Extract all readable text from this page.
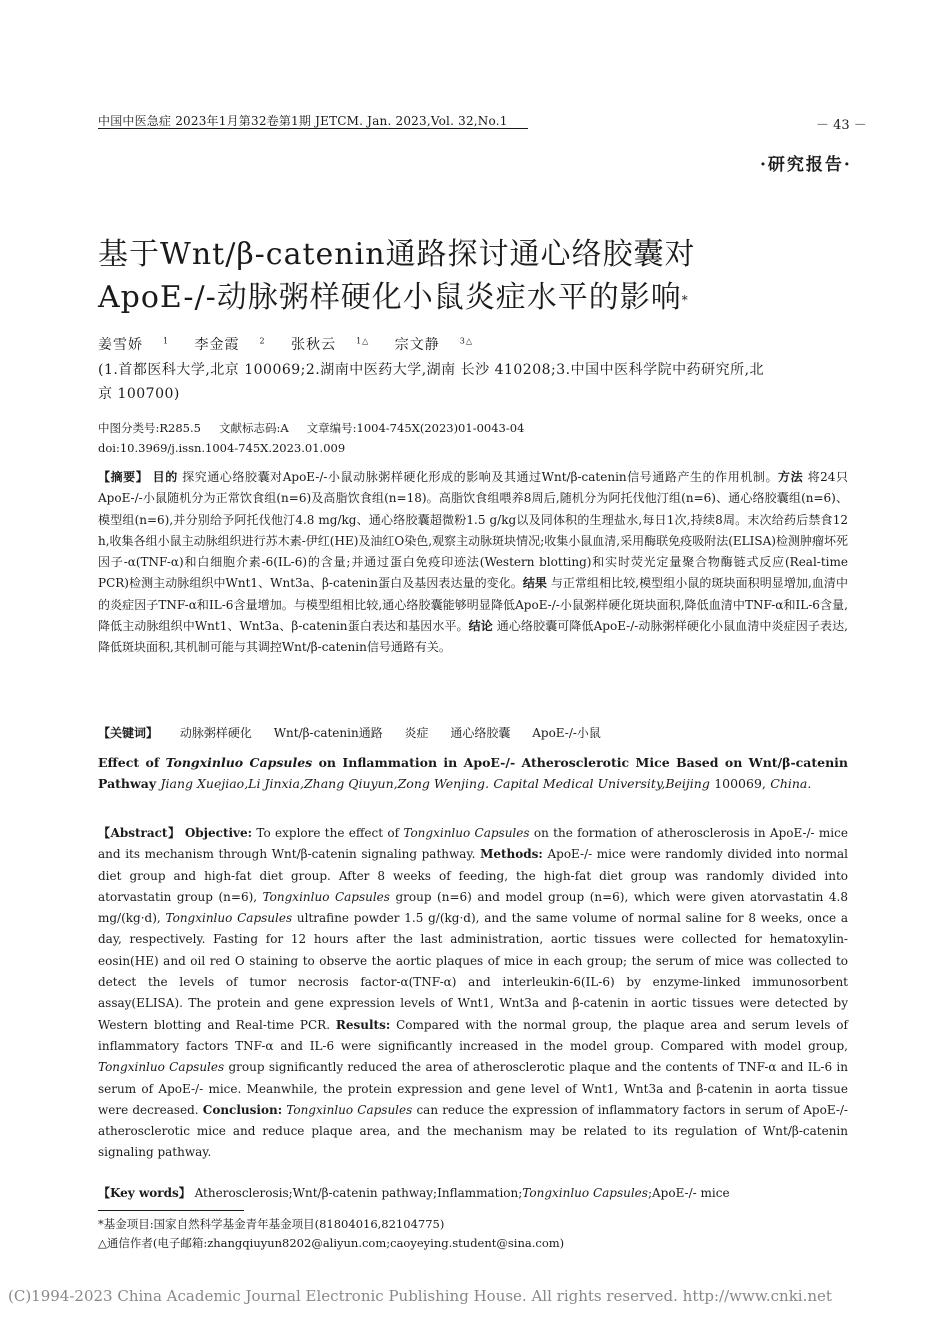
中国中医急症 2023年1月第32卷第1期 JETCM. Jan. 2023,Vol. 32,No.1	－ 43 －
·研究报告·
基于Wnt/β-catenin通路探讨通心络胶囊对
ApoE-/-动脉粥样硬化小鼠炎症水平的影响*
姜雪娇	$^1$ 李金霞	$^2$ 张秋云	$^{1\triangle}$ 宗文静	$^{3\triangle}$
(1.首都医科大学,北京 100069;2.湖南中医药大学,湖南 长沙 410208;3.中国中医科学院中药研究所,北京 100700)
中图分类号:R285.5 文献标志码:A 文章编号:1004-745X(2023)01-0043-04
doi:10.3969/j.issn.1004-745X.2023.01.009
【摘要】 目的 探究通心络胶囊对ApoE-/-小鼠动脉粥样硬化形成的影响及其通过Wnt/β-catenin信号通路产生的作用机制。方法 将24只ApoE-/-小鼠随机分为正常饮食组(n=6)及高脂饮食组(n=18)。高脂饮食组喂养8周后,随机分为阿托伐他汀组(n=6)、通心络胶囊组(n=6)、模型组(n=6),并分别给予阿托伐他汀4.8 mg/kg、通心络胶囊超微粉1.5 g/kg以及同体积的生理盐水,每日1次,持续8周。末次给药后禁食12 h,收集各组小鼠主动脉组织进行苏木素-伊红(HE)及油红O染色,观察主动脉斑块情况;收集小鼠血清,采用酶联免疫吸附法(ELISA)检测肿瘤坏死因子-α(TNF-α)和白细胞介素-6(IL-6)的含量;并通过蛋白免疫印迹法(Western blotting)和实时荧光定量聚合物酶链式反应(Real-time PCR)检测主动脉组织中Wnt1、Wnt3a、β-catenin蛋白及基因表达量的变化。结果 与正常组相比较,模型组小鼠的斑块面积明显增加,血清中的炎症因子TNF-α和IL-6含量增加。与模型组相比较,通心络胶囊能够明显降低ApoE-/-小鼠粥样硬化斑块面积,降低血清中TNF-α和IL-6含量,降低主动脉组织中Wnt1、Wnt3a、β-catenin蛋白表达和基因水平。结论 通心络胶囊可降低ApoE-/-动脉粥样硬化小鼠血清中炎症因子表达,降低斑块面积,其机制可能与其调控Wnt/β-catenin信号通路有关。
【关键词】 动脉粥样硬化 Wnt/β-catenin通路 炎症 通心络胶囊 ApoE-/-小鼠
Effect of Tongxinluo Capsules on Inflammation in ApoE-/- Atherosclerotic Mice Based on Wnt/β-catenin Pathway Jiang Xuejiao,Li Jinxia,Zhang Qiuyun,Zong Wenjing. Capital Medical University,Beijing 100069, China.
【Abstract】 Objective: To explore the effect of Tongxinluo Capsules on the formation of atherosclerosis in ApoE-/- mice and its mechanism through Wnt/β-catenin signaling pathway. Methods: ApoE-/- mice were randomly divided into normal diet group and high-fat diet group. After 8 weeks of feeding, the high-fat diet group was randomly divided into atorvastatin group (n=6), Tongxinluo Capsules group (n=6) and model group (n=6), which were given atorvastatin 4.8 mg/(kg·d), Tongxinluo Capsules ultrafine powder 1.5 g/(kg·d), and the same volume of normal saline for 8 weeks, once a day, respectively. Fasting for 12 hours after the last administration, aortic tissues were collected for hematoxylin-eosin(HE) and oil red O staining to observe the aortic plaques of mice in each group; the serum of mice was collected to detect the levels of tumor necrosis factor-α(TNF-α) and interleukin-6(IL-6) by enzyme-linked immunosorbent assay(ELISA). The protein and gene expression levels of Wnt1, Wnt3a and β-catenin in aortic tissues were detected by Western blotting and Real-time PCR. Results: Compared with the normal group, the plaque area and serum levels of inflammatory factors TNF-α and IL-6 were significantly increased in the model group. Compared with model group, Tongxinluo Capsules group significantly reduced the area of atherosclerotic plaque and the contents of TNF-α and IL-6 in serum of ApoE-/- mice. Meanwhile, the protein expression and gene level of Wnt1, Wnt3a and β-catenin in aorta tissue were decreased. Conclusion: Tongxinluo Capsules can reduce the expression of inflammatory factors in serum of ApoE-/-atherosclerotic mice and reduce plaque area, and the mechanism may be related to its regulation of Wnt/β-catenin signaling pathway.
【Key words】 Atherosclerosis;Wnt/β-catenin pathway;Inflammation;Tongxinluo Capsules;ApoE-/- mice
*基金项目:国家自然科学基金青年基金项目(81804016,82104775)
△通信作者(电子邮箱:zhangqiuyun8202@aliyun.com;caoyeying.student@sina.com)
(C)1994-2023 China Academic Journal Electronic Publishing House. All rights reserved. http://www.cnki.net
